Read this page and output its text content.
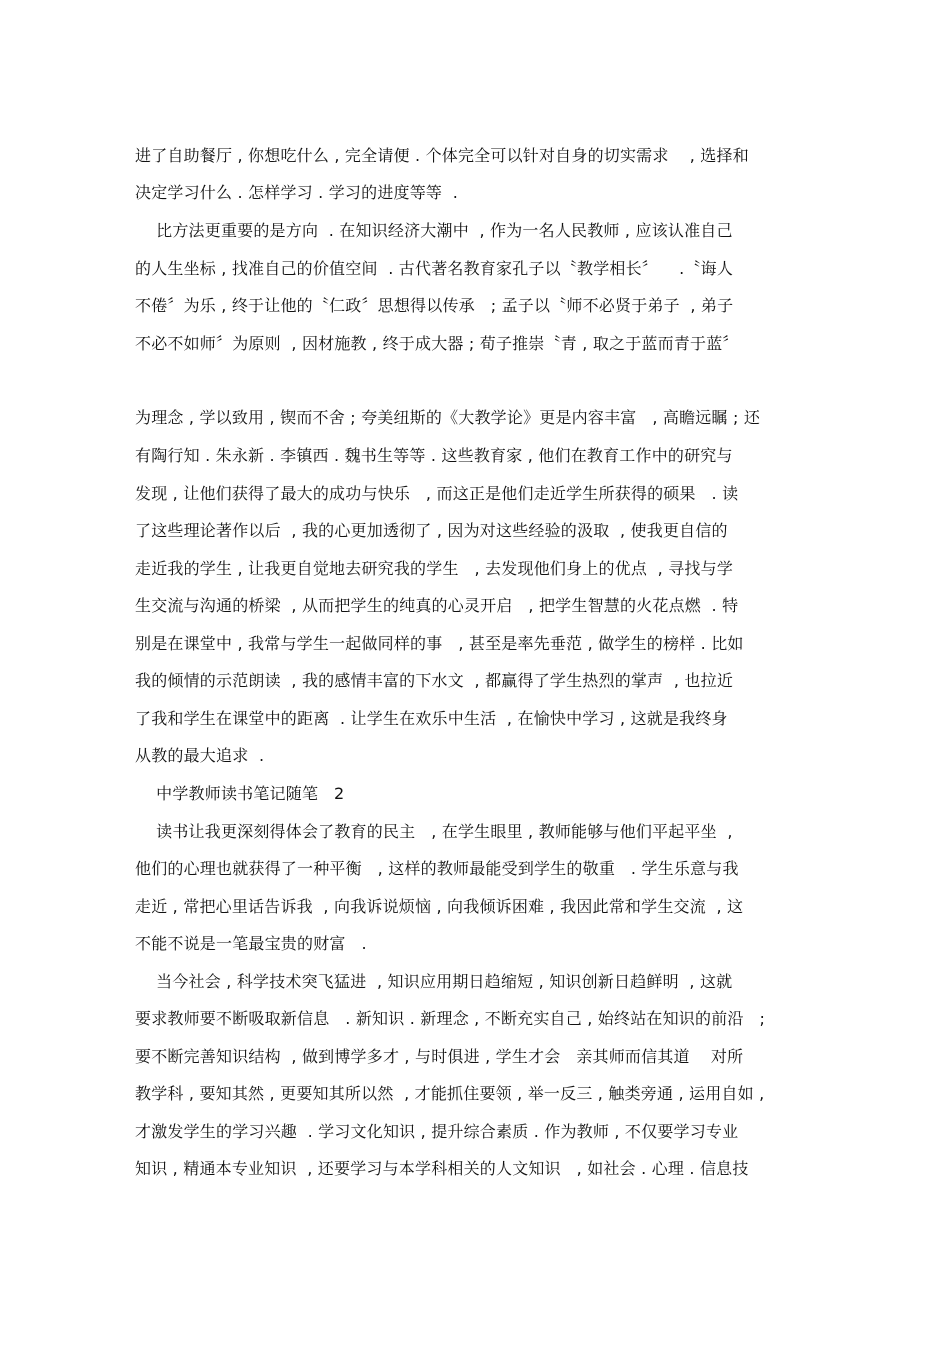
进了自助餐厅 , 你想吃什么 , 完全请便 . 个体完全可以针对自身的切实需求    , 选择和
决定学习什么 . 怎样学习 . 学习的进度等等  .
比方法更重要的是方向  . 在知识经济大潮中  , 作为一名人民教师 , 应该认准自己
的人生坐标 , 找准自己的价值空间  . 古代著名教育家孔子以〝教学相长〞    .〝诲人
不倦〞为乐 , 终于让他的〝仁政〞思想得以传承   ; 孟子以〝师不必贤于弟子  , 弟子
不必不如师〞为原则  , 因材施教 , 终于成大器 ; 荀子推崇〝青 , 取之于蓝而青于蓝〞
为理念 , 学以致用 , 锲而不舍 ; 夸美纽斯的《大教学论》更是内容丰富   , 高瞻远瞩 ; 还
有陶行知 . 朱永新 . 李镇西 . 魏书生等等 . 这些教育家 , 他们在教育工作中的研究与
发现 , 让他们获得了最大的成功与快乐   , 而这正是他们走近学生所获得的硕果   . 读
了这些理论著作以后  , 我的心更加透彻了 , 因为对这些经验的汲取  , 使我更自信的
走近我的学生 , 让我更自觉地去研究我的学生   , 去发现他们身上的优点  , 寻找与学
生交流与沟通的桥梁  , 从而把学生的纯真的心灵开启   , 把学生智慧的火花点燃  . 特
别是在课堂中 , 我常与学生一起做同样的事   , 甚至是率先垂范 , 做学生的榜样 . 比如
我的倾情的示范朗读  , 我的感情丰富的下水文  , 都赢得了学生热烈的掌声  , 也拉近
了我和学生在课堂中的距离  . 让学生在欢乐中生活  , 在愉快中学习 , 这就是我终身
从教的最大追求  .
中学教师读书笔记随笔   2
读书让我更深刻得体会了教育的民主   , 在学生眼里 , 教师能够与他们平起平坐  ,
他们的心理也就获得了一种平衡   , 这样的教师最能受到学生的敬重   . 学生乐意与我
走近 , 常把心里话告诉我  , 向我诉说烦恼 , 向我倾诉困难 , 我因此常和学生交流  , 这
不能不说是一笔最宝贵的财富   .
当今社会 , 科学技术突飞猛进  , 知识应用期日趋缩短 , 知识创新日趋鲜明  , 这就
要求教师要不断吸取新信息   . 新知识 . 新理念 , 不断充实自己 , 始终站在知识的前沿   ;
要不断完善知识结构  , 做到博学多才 , 与时俱进 , 学生才会   亲其师而信其道    对所
教学科 , 要知其然 , 更要知其所以然  , 才能抓住要领 , 举一反三 , 触类旁通 , 运用自如 ,
才激发学生的学习兴趣  . 学习文化知识 , 提升综合素质 . 作为教师 , 不仅要学习专业
知识 , 精通本专业知识  , 还要学习与本学科相关的人文知识   , 如社会 . 心理 . 信息技
